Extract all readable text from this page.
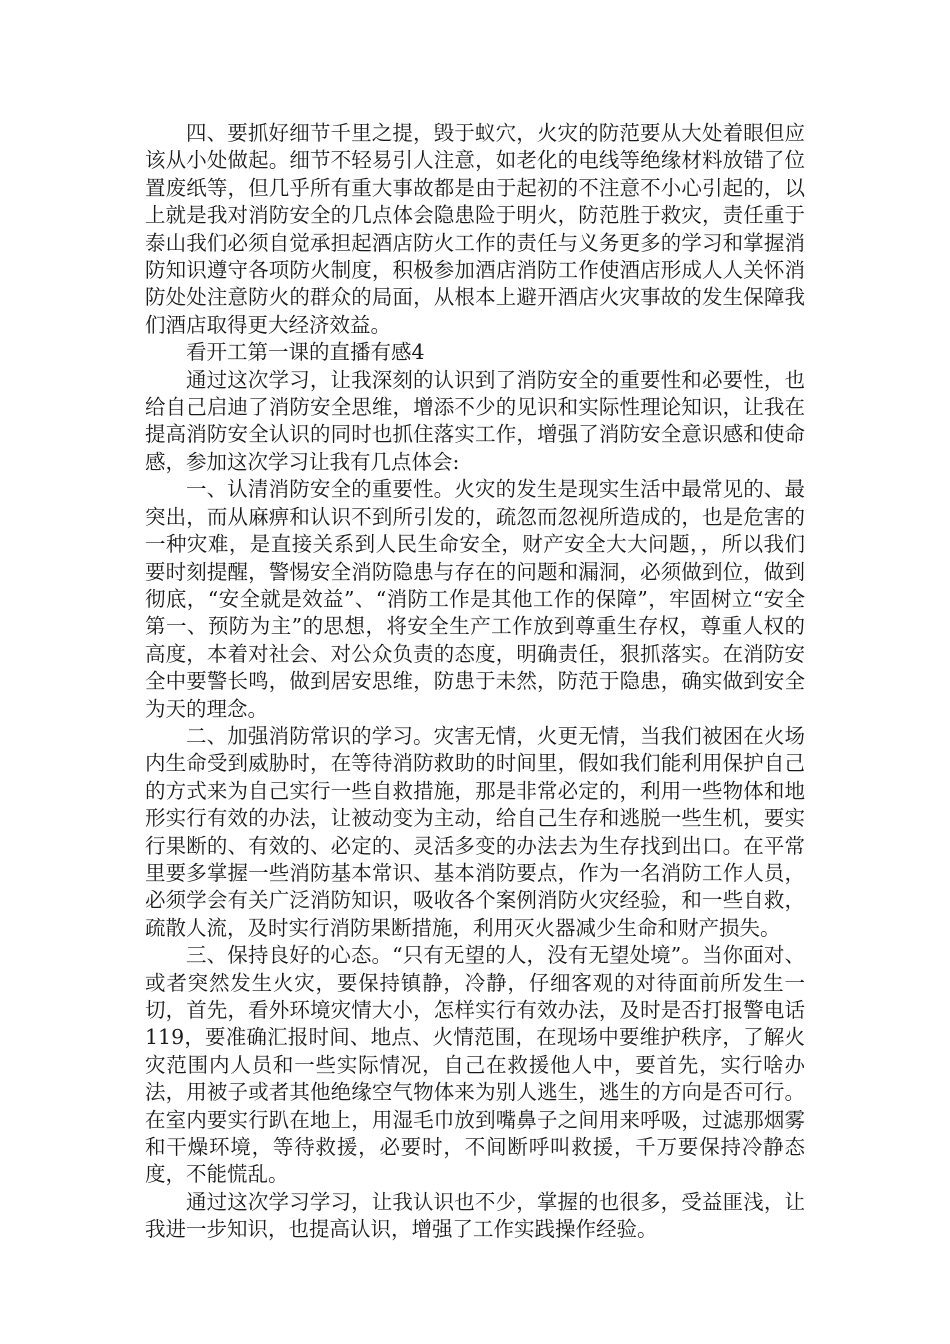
四、要抓好细节千里之提，毁于蚁穴，火灾的防范要从大处着眼但应该从小处做起。细节不轻易引人注意，如老化的电线等绝缘材料放错了位置废纸等，但几乎所有重大事故都是由于起初的不注意不小心引起的，以上就是我对消防安全的几点体会隐患险于明火，防范胜于救灾，责任重于泰山我们必须自觉承担起酒店防火工作的责任与义务更多的学习和掌握消防知识遵守各项防火制度，积极参加酒店消防工作使酒店形成人人关怀消防处处注意防火的群众的局面，从根本上避开酒店火灾事故的发生保障我们酒店取得更大经济效益。

看开工第一课的直播有感4

通过这次学习，让我深刻的认识到了消防安全的重要性和必要性，也给自己启迪了消防安全思维，增添不少的见识和实际性理论知识，让我在提高消防安全认识的同时也抓住落实工作，增强了消防安全意识感和使命感，参加这次学习让我有几点体会:

一、认清消防安全的重要性。火灾的发生是现实生活中最常见的、最突出，而从麻痹和认识不到所引发的，疏忽而忽视所造成的，也是危害的一种灾难，是直接关系到人民生命安全，财产安全大大问题，，所以我们要时刻提醒，警惕安全消防隐患与存在的问题和漏洞，必须做到位，做到彻底，“安全就是效益”、“消防工作是其他工作的保障”，牢固树立“安全第一、预防为主”的思想，将安全生产工作放到尊重生存权，尊重人权的高度，本着对社会、对公众负责的态度，明确责任，狠抓落实。在消防安全中要警长鸣，做到居安思维，防患于未然，防范于隐患，确实做到安全为天的理念。

二、加强消防常识的学习。灾害无情，火更无情，当我们被困在火场内生命受到威胁时，在等待消防救助的时间里，假如我们能利用保护自己的方式来为自己实行一些自救措施，那是非常必定的，利用一些物体和地形实行有效的办法，让被动变为主动，给自己生存和逃脱一些生机，要实行果断的、有效的、必定的、灵活多变的办法去为生存找到出口。在平常里要多掌握一些消防基本常识、基本消防要点，作为一名消防工作人员，必须学会有关广泛消防知识，吸收各个案例消防火灾经验，和一些自救，疏散人流，及时实行消防果断措施，利用灭火器减少生命和财产损失。

三、保持良好的心态。“只有无望的人，没有无望处境”。当你面对、或者突然发生火灾，要保持镇静，冷静，仔细客观的对待面前所发生一切，首先，看外环境灾情大小，怎样实行有效办法，及时是否打报警电话119，要准确汇报时间、地点、火情范围，在现场中要维护秩序，了解火灾范围内人员和一些实际情况，自己在救援他人中，要首先，实行啥办法，用被子或者其他绝缘空气物体来为别人逃生，逃生的方向是否可行。在室内要实行趴在地上，用湿毛巾放到嘴鼻子之间用来呼吸，过滤那烟雾和干燥环境，等待救援，必要时，不间断呼叫救援，千万要保持冷静态度，不能慌乱。

通过这次学习学习，让我认识也不少，掌握的也很多，受益匪浅，让我进一步知识，也提高认识，增强了工作实践操作经验。
